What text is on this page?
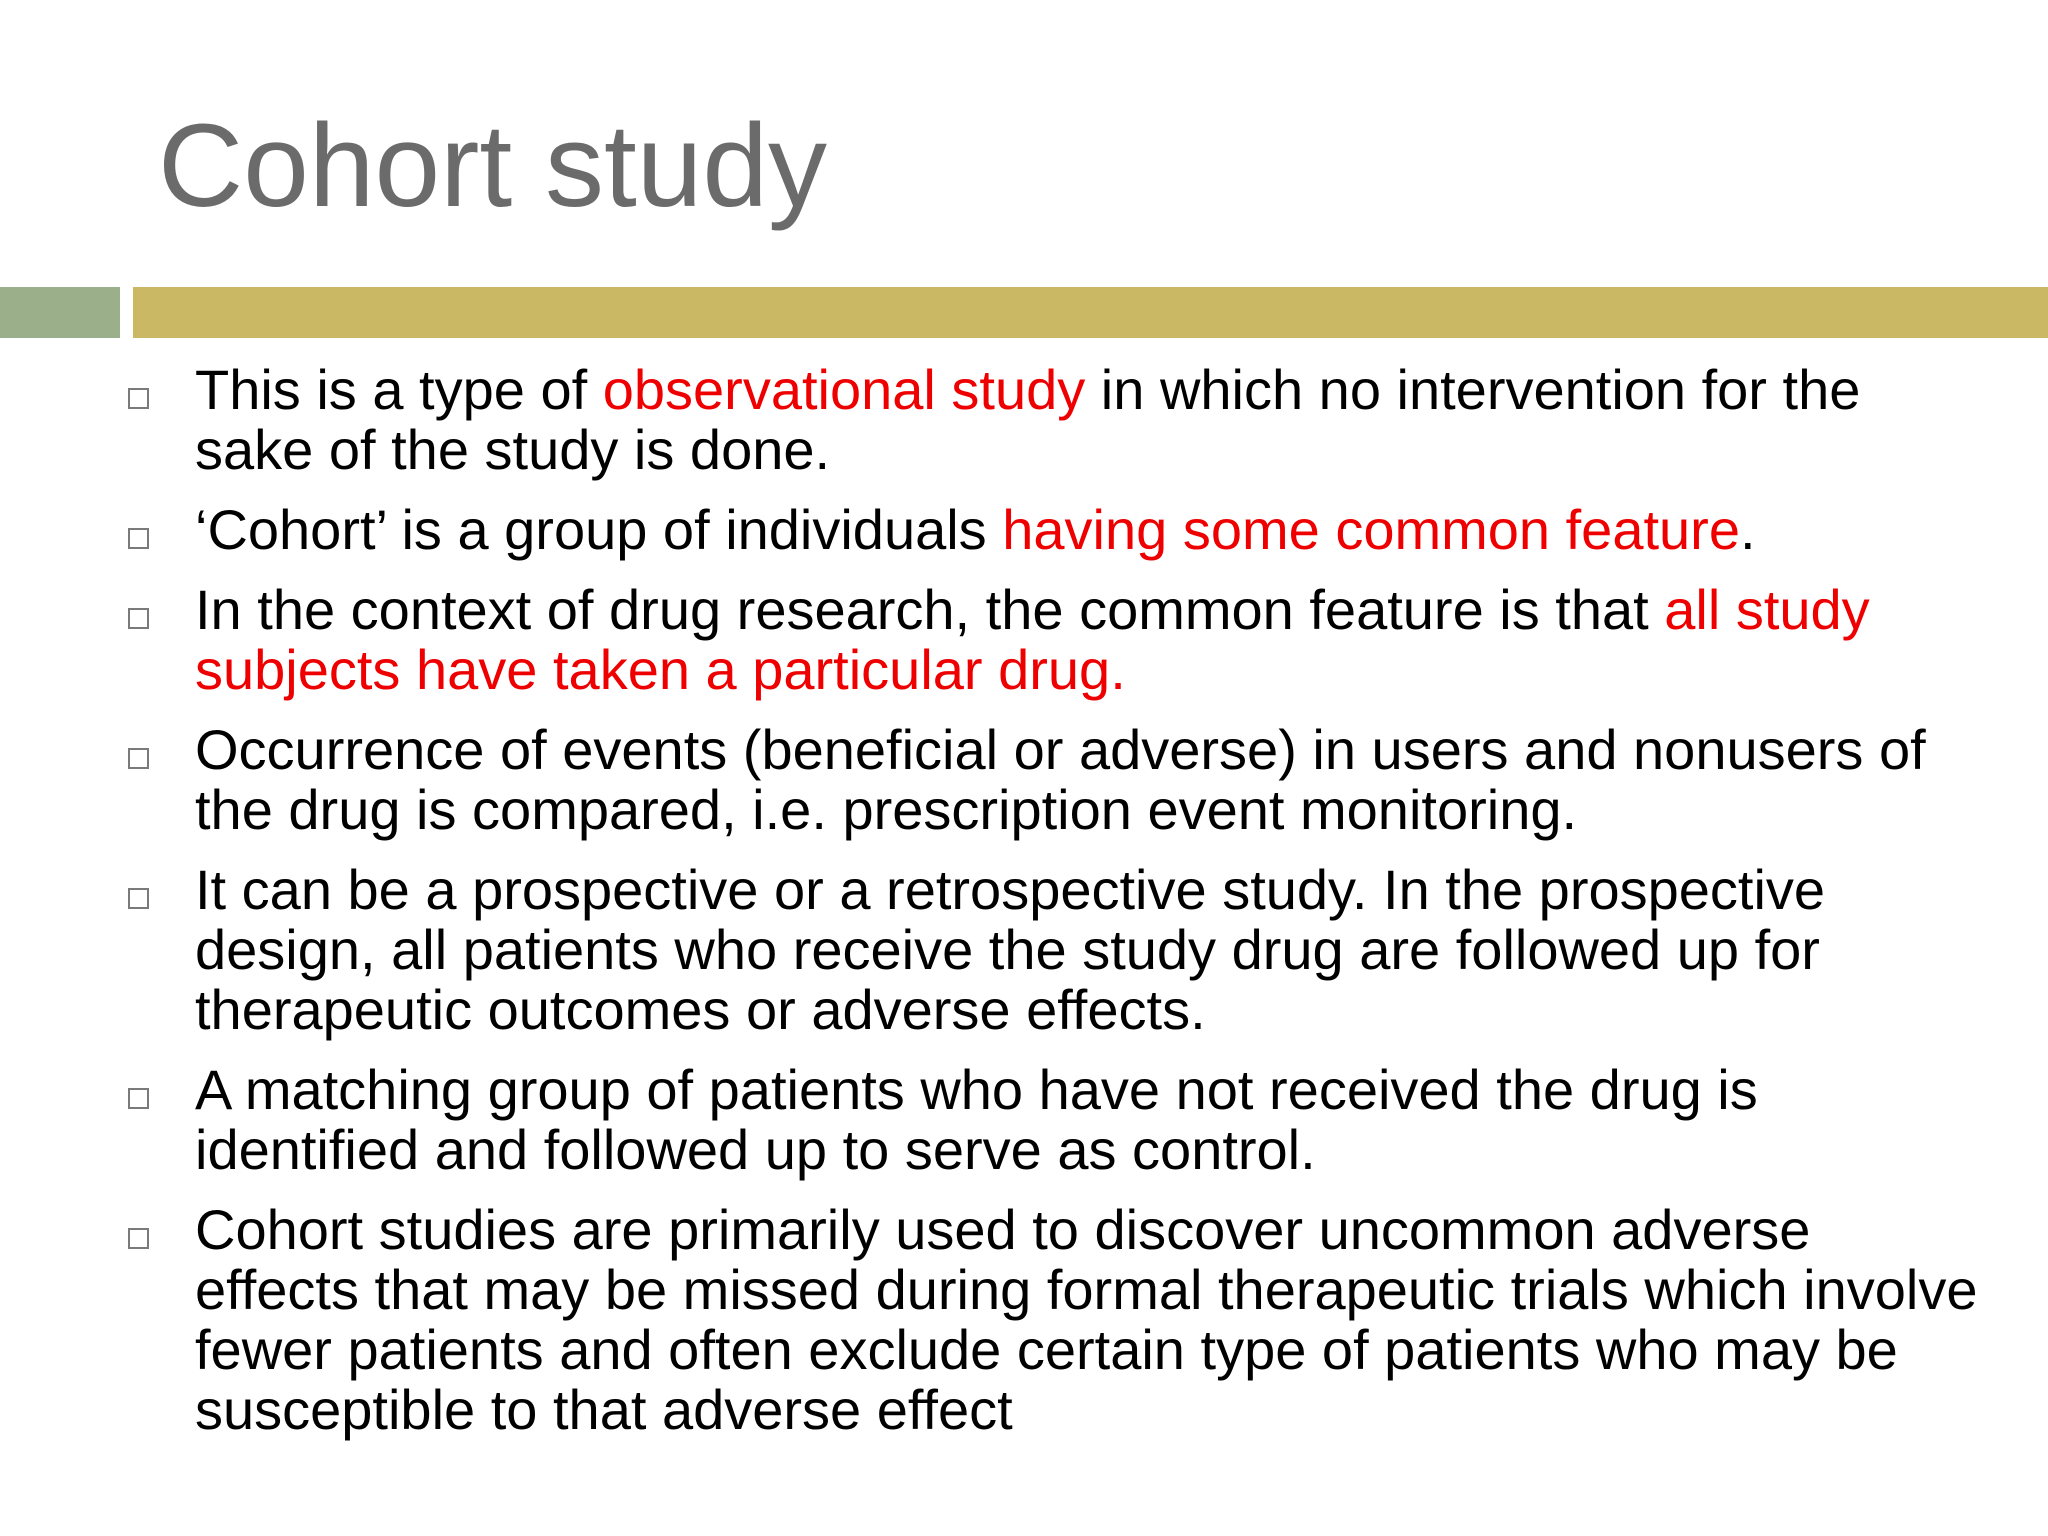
Cohort study
This is a type of observational study in which no intervention for the sake of the study is done.
‘Cohort’ is a group of individuals having some common feature.
In the context of drug research, the common feature is that all study subjects have taken a particular drug.
Occurrence of events (beneficial or adverse) in users and nonusers of the drug is compared, i.e. prescription event monitoring.
It can be a prospective or a retrospective study. In the prospective design, all patients who receive the study drug are followed up for therapeutic outcomes or adverse effects.
A matching group of patients who have not received the drug is identified and followed up to serve as control.
Cohort studies are primarily used to discover uncommon adverse effects that may be missed during formal therapeutic trials which involve fewer patients and often exclude certain type of patients who may be susceptible to that adverse effect
